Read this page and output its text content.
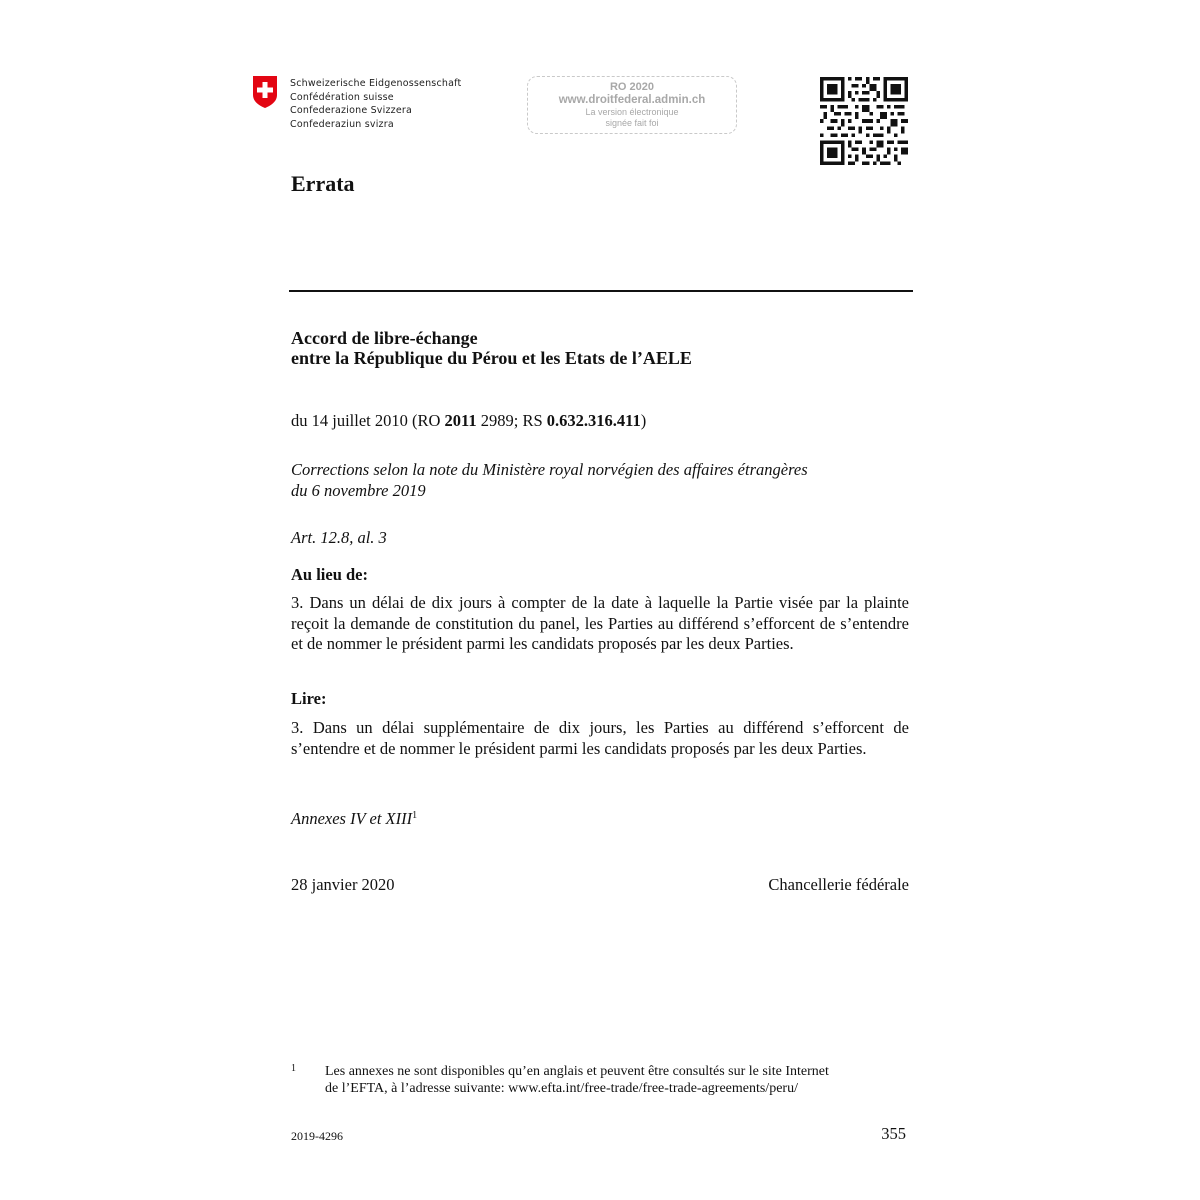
Schweizerische Eidgenossenschaft
Confédération suisse
Confederazione Svizzera
Confederaziun svizra
RO 2020
www.droitfederal.admin.ch
La version électronique
signée fait foi
Errata
Accord de libre-échange
entre la République du Pérou et les Etats de l’AELE
du 14 juillet 2010 (RO 2011 2989; RS 0.632.316.411)
Corrections selon la note du Ministère royal norvégien des affaires étrangères
du 6 novembre 2019
Art. 12.8, al. 3
Au lieu de:
3. Dans un délai de dix jours à compter de la date à laquelle la Partie visée par la plainte reçoit la demande de constitution du panel, les Parties au différend s’efforcent de s’entendre et de nommer le président parmi les candidats proposés par les deux Parties.
Lire:
3. Dans un délai supplémentaire de dix jours, les Parties au différend s’efforcent de s’entendre et de nommer le président parmi les candidats proposés par les deux Parties.
Annexes IV et XIII$^1$
28 janvier 2020	Chancellerie fédérale
1 Les annexes ne sont disponibles qu’en anglais et peuvent être consultés sur le site Internet
de l’EFTA, à l’adresse suivante: www.efta.int/free-trade/free-trade-agreements/peru/
2019-4296	355
